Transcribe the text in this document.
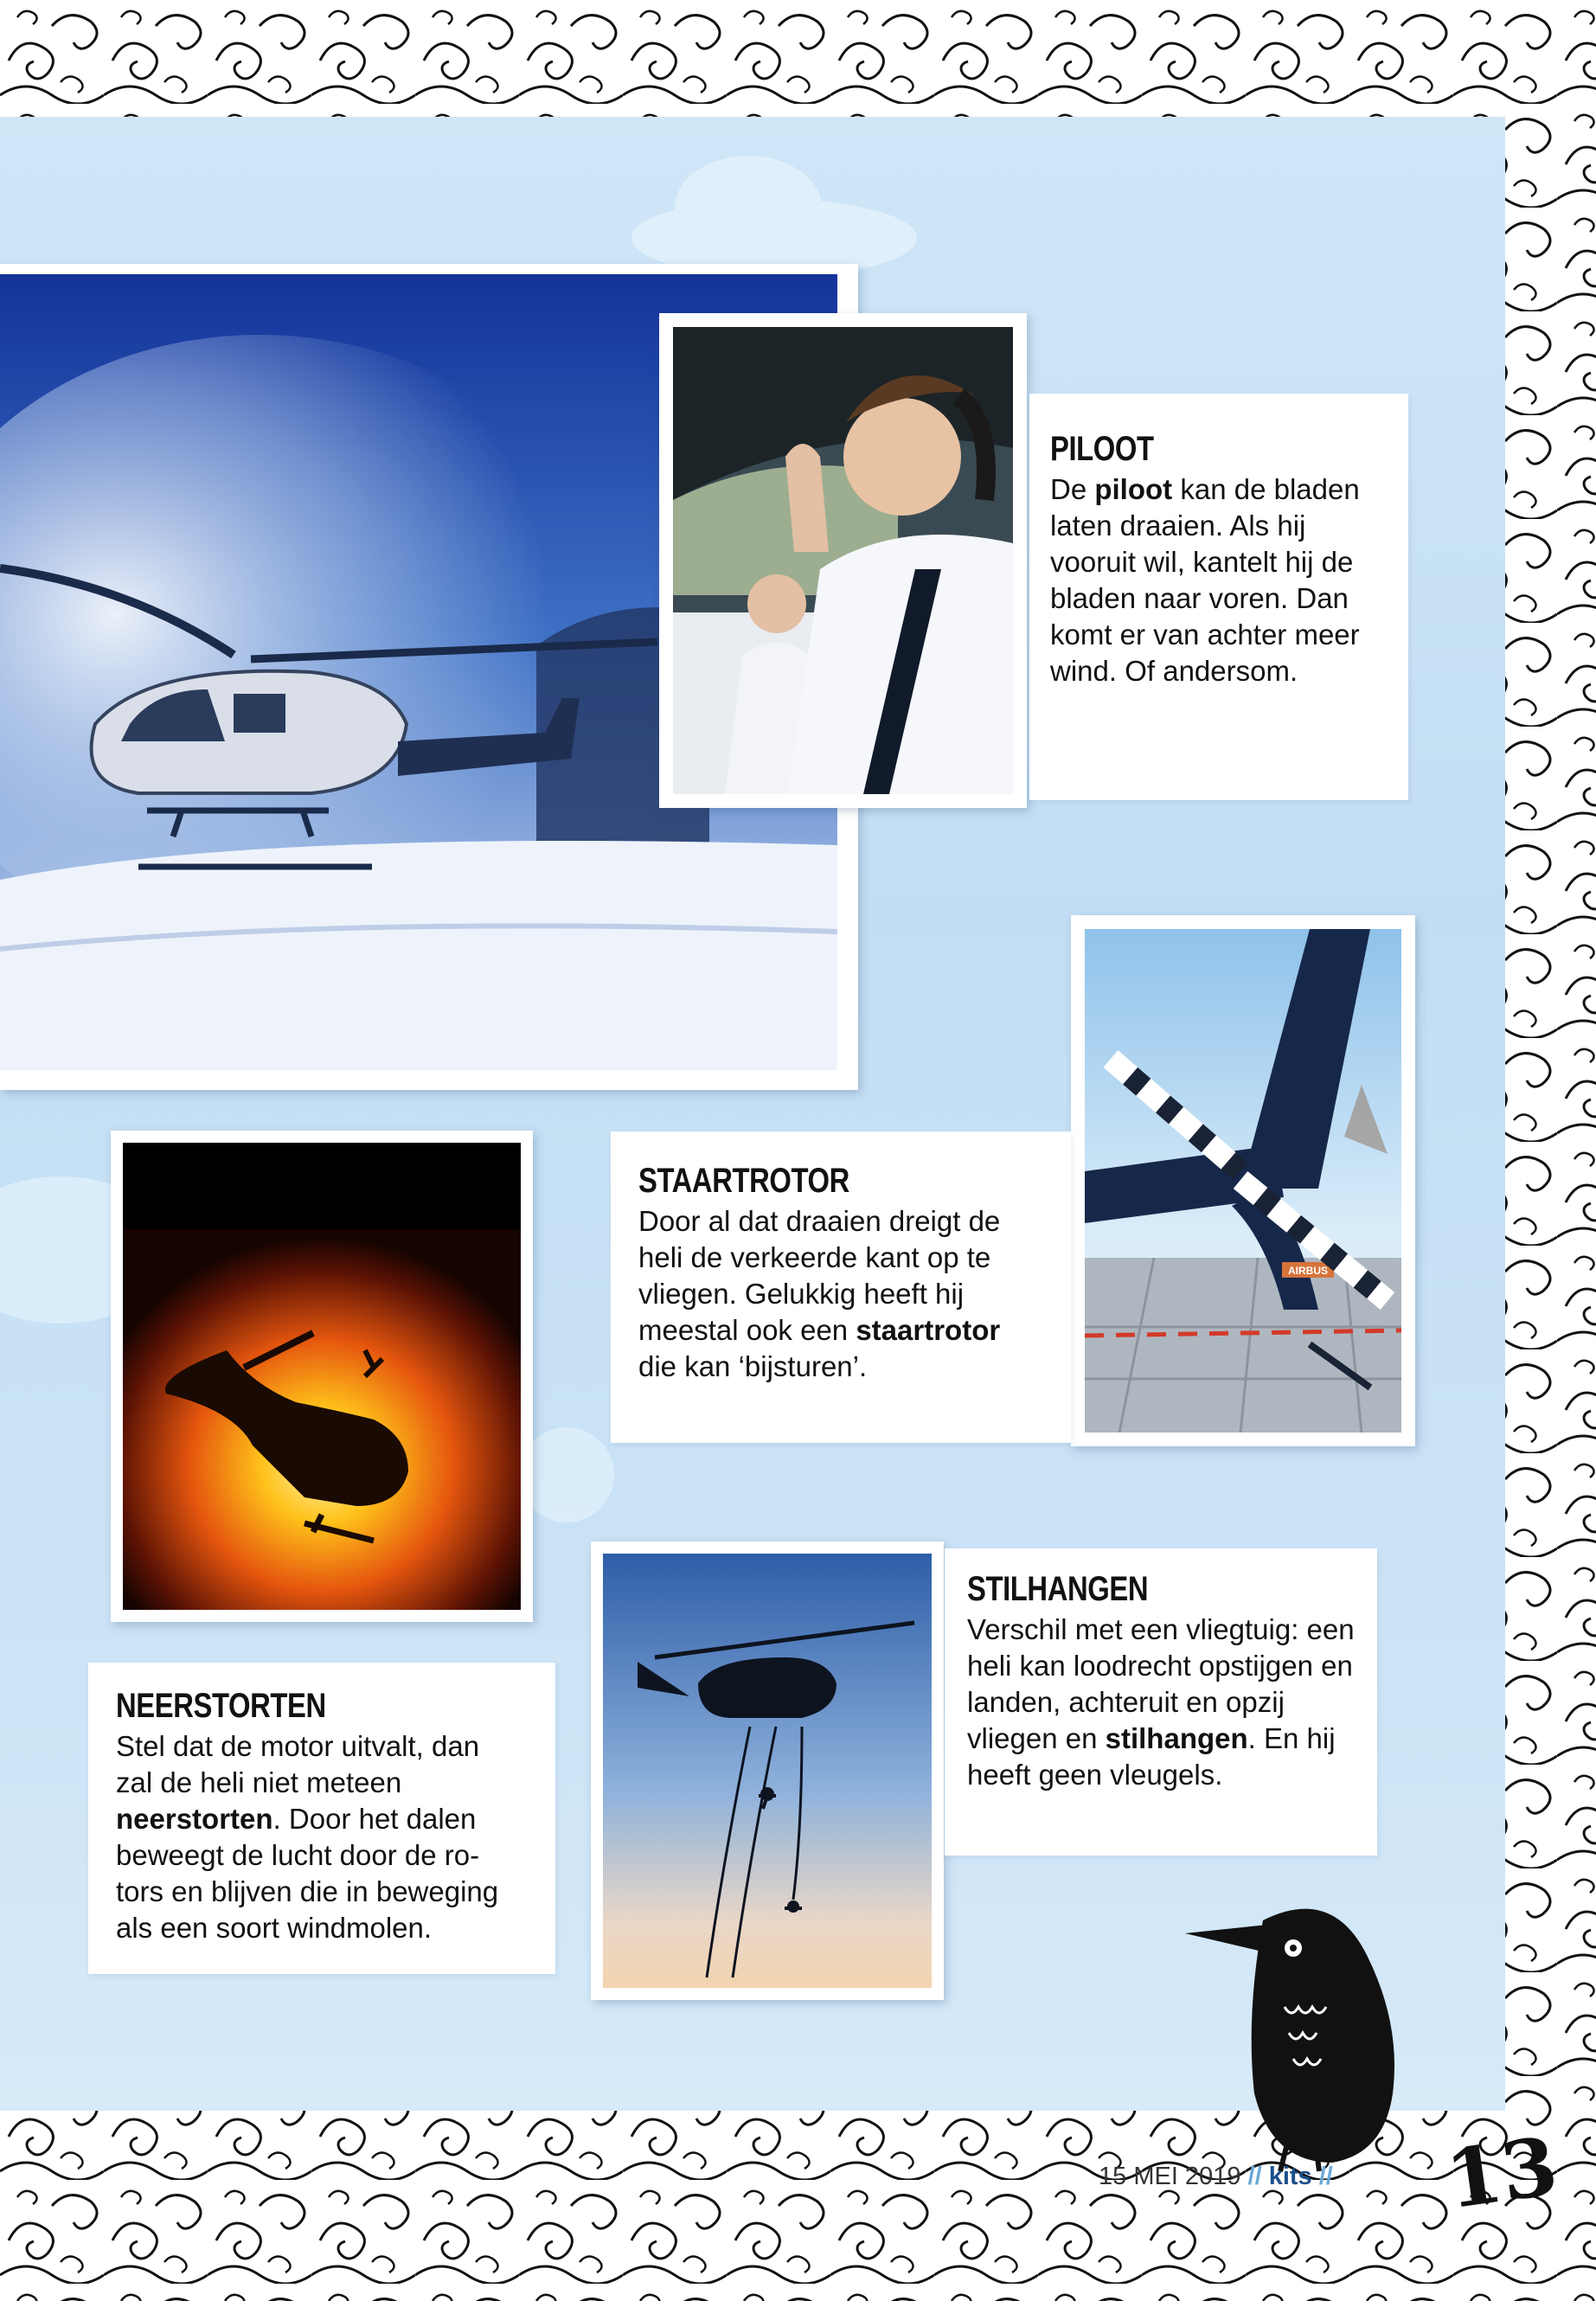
AIRBUS
PILOOT
De piloot kan de bladen laten draaien. Als hij vooruit wil, kantelt hij de bladen naar voren. Dan komt er van achter meer wind. Of andersom.
STAARTROTOR
Door al dat draaien dreigt de heli de verkeerde kant op te vliegen. Gelukkig heeft hij meestal ook een staartrotor die kan ‘bijsturen’.
STILHANGEN
Verschil met een vliegtuig: een heli kan loodrecht opstijgen en landen, achteruit en opzij vliegen en stilhangen. En hij heeft geen vleugels.
NEERSTORTEN
Stel dat de motor uitvalt, dan zal de heli niet meteen neerstorten. Door het dalen beweegt de lucht door de ro-tors en blijven die in beweging als een soort windmolen.
15 MEI 2019 // kits // 13
